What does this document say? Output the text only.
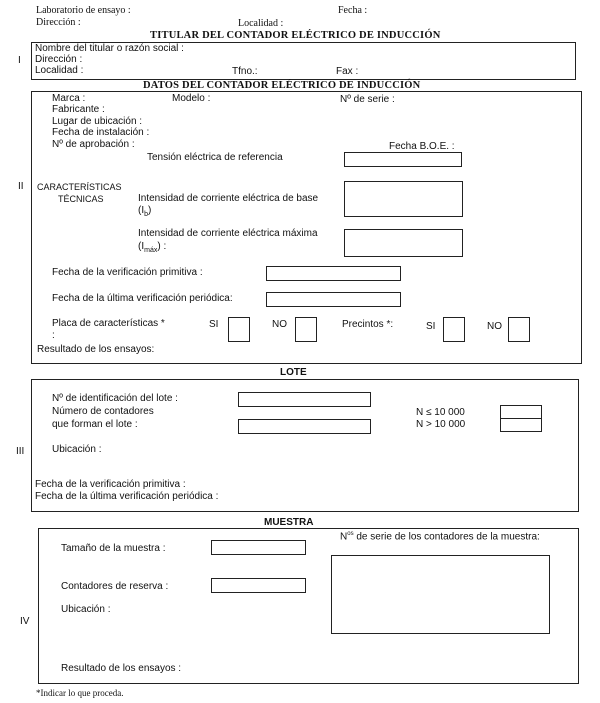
Laboratorio de ensayo :	Fecha :
Dirección :	Localidad :
TITULAR DEL CONTADOR ELÉCTRICO DE INDUCCIÓN
I
Nombre del titular o razón social :
Dirección :
Localidad :	Tfno.:	Fax :
DATOS DEL CONTADOR ELÉCTRICO DE INDUCCIÓN
II
Marca :	Modelo :	Nº de serie :
Fabricante :
Lugar de ubicación :
Fecha de instalación :
Nº de aprobación :	Fecha B.O.E. :
Tensión eléctrica de referencia
CARACTERÍSTICAS
TÉCNICAS	Intensidad de corriente eléctrica de base
$(I_b)$
Intensidad de corriente eléctrica máxima
$(I_{máx})$ :
Fecha de la verificación primitiva :
Fecha de la última verificación periódica:
Placa de características *
:
SI	NO	Precintos *:	SI	NO
Resultado de los ensayos:
LOTE
III
Nº de identificación del lote :
Número de contadores
que forman el lote :
N ≤ 10 000
N > 10 000
Ubicación :
Fecha de la verificación primitiva :
Fecha de la última verificación periódica :
MUESTRA
IV
$N^{os}$ de serie de los contadores de la muestra:
Tamaño de la muestra :
Contadores de reserva :
Ubicación :
Resultado de los ensayos :
*Indicar lo que proceda.
